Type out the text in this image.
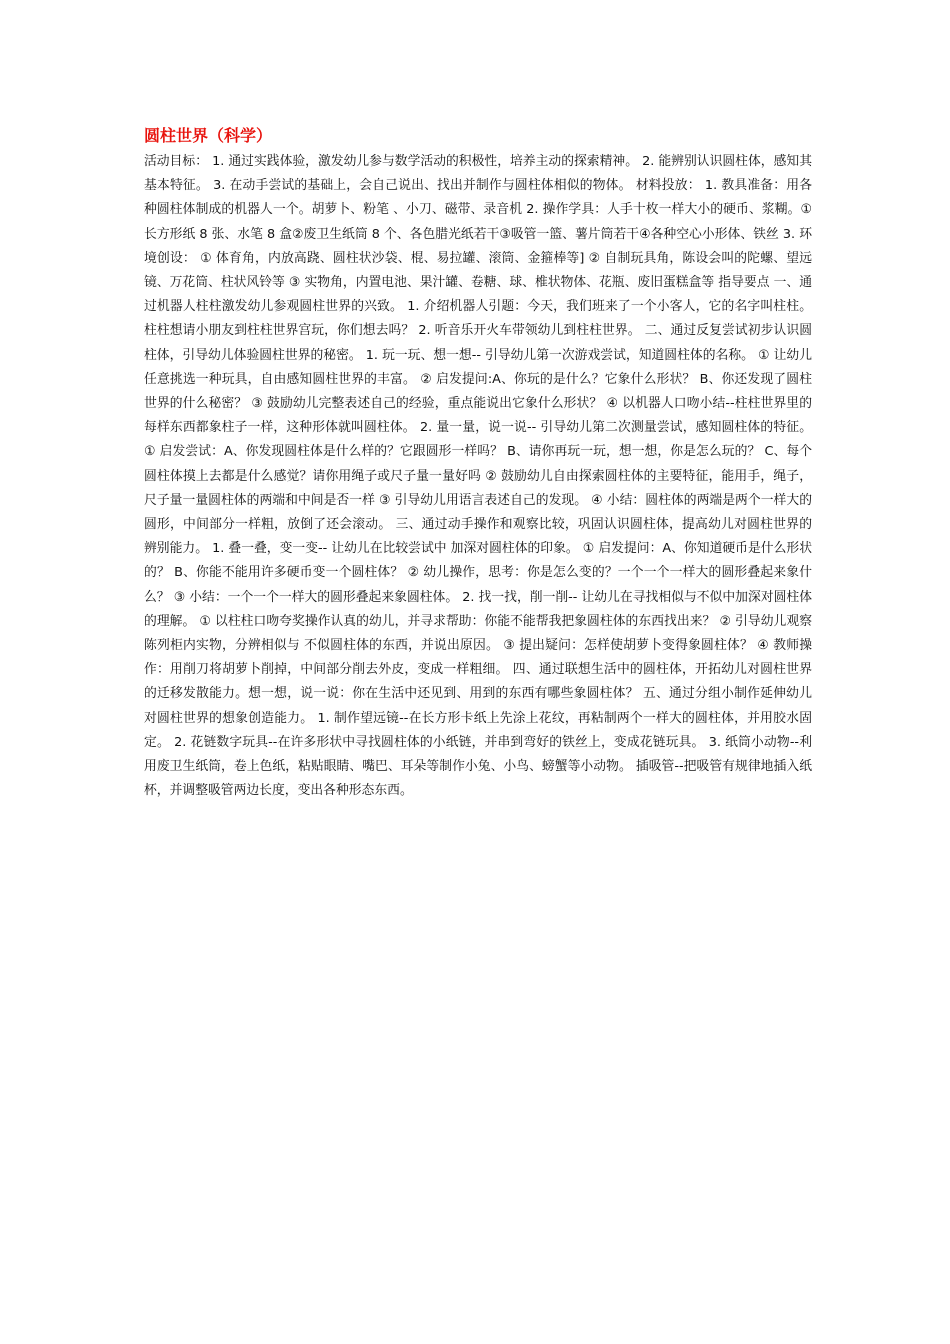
圆柱世界（科学）

活动目标： 1. 通过实践体验，激发幼儿参与数学活动的积极性，培养主动的探索精神。 2. 能辨别认识圆柱体，感知其基本特征。 3. 在动手尝试的基础上，会自己说出、找出并制作与圆柱体相似的物体。 材料投放： 1. 教具准备：用各种圆柱体制成的机器人一个。胡萝卜、粉笔 、小刀、磁带、录音机 2. 操作学具：人手十枚一样大小的硬币、浆糊。①长方形纸 8 张、水笔 8 盒②废卫生纸筒 8 个、各色腊光纸若干③吸管一篮、薯片筒若干④各种空心小形体、铁丝 3. 环境创设： ① 体育角，内放高跷、圆柱状沙袋、棍、易拉罐、滚筒、金箍棒等] ② 自制玩具角，陈设会叫的陀螺、望远镜、万花筒、柱状风铃等 ③ 实物角，内置电池、果汁罐、卷糖、球、椎状物体、花瓶、废旧蛋糕盒等 指导要点 一、通过机器人柱柱激发幼儿参观圆柱世界的兴致。 1. 介绍机器人引题：今天，我们班来了一个小客人，它的名字叫柱柱。柱柱想请小朋友到柱柱世界宫玩，你们想去吗？ 2. 听音乐开火车带领幼儿到柱柱世界。 二、通过反复尝试初步认识圆柱体，引导幼儿体验圆柱世界的秘密。 1. 玩一玩、想一想-- 引导幼儿第一次游戏尝试，知道圆柱体的名称。 ① 让幼儿任意挑选一种玩具，自由感知圆柱世界的丰富。 ② 启发提问:A、你玩的是什么？它象什么形状？ B、你还发现了圆柱世界的什么秘密？ ③ 鼓励幼儿完整表述自己的经验，重点能说出它象什么形状？ ④ 以机器人口吻小结--柱柱世界里的每样东西都象柱子一样，这种形体就叫圆柱体。 2. 量一量，说一说-- 引导幼儿第二次测量尝试，感知圆柱体的特征。 ① 启发尝试：A、你发现圆柱体是什么样的？它跟圆形一样吗？ B、请你再玩一玩，想一想，你是怎么玩的？ C、每个圆柱体摸上去都是什么感觉？请你用绳子或尺子量一量好吗 ② 鼓励幼儿自由探索圆柱体的主要特征，能用手，绳子，尺子量一量圆柱体的两端和中间是否一样 ③ 引导幼儿用语言表述自己的发现。 ④ 小结：圆柱体的两端是两个一样大的圆形，中间部分一样粗，放倒了还会滚动。 三、通过动手操作和观察比较，巩固认识圆柱体，提高幼儿对圆柱世界的辨别能力。 1. 叠一叠，变一变-- 让幼儿在比较尝试中 加深对圆柱体的印象。 ① 启发提问：A、你知道硬币是什么形状的？ B、你能不能用许多硬币变一个圆柱体？ ② 幼儿操作，思考：你是怎么变的？一个一个一样大的圆形叠起来象什么？ ③ 小结：一个一个一样大的圆形叠起来象圆柱体。 2. 找一找，削一削-- 让幼儿在寻找相似与不似中加深对圆柱体的理解。 ① 以柱柱口吻夸奖操作认真的幼儿，并寻求帮助：你能不能帮我把象圆柱体的东西找出来？ ② 引导幼儿观察陈列柜内实物，分辨相似与 不似圆柱体的东西，并说出原因。 ③ 提出疑问：怎样使胡萝卜变得象圆柱体？ ④ 教师操作：用削刀将胡萝卜削掉，中间部分削去外皮，变成一样粗细。 四、通过联想生活中的圆柱体，开拓幼儿对圆柱世界的迁移发散能力。想一想，说一说：你在生活中还见到、用到的东西有哪些象圆柱体？ 五、通过分组小制作延伸幼儿对圆柱世界的想象创造能力。 1. 制作望远镜--在长方形卡纸上先涂上花纹，再粘制两个一样大的圆柱体，并用胶水固定。 2. 花链数字玩具--在许多形状中寻找圆柱体的小纸链，并串到弯好的铁丝上，变成花链玩具。 3. 纸筒小动物--利用废卫生纸筒，卷上色纸，粘贴眼睛、嘴巴、耳朵等制作小兔、小鸟、螃蟹等小动物。 插吸管--把吸管有规律地插入纸杯，并调整吸管两边长度，变出各种形态东西。
